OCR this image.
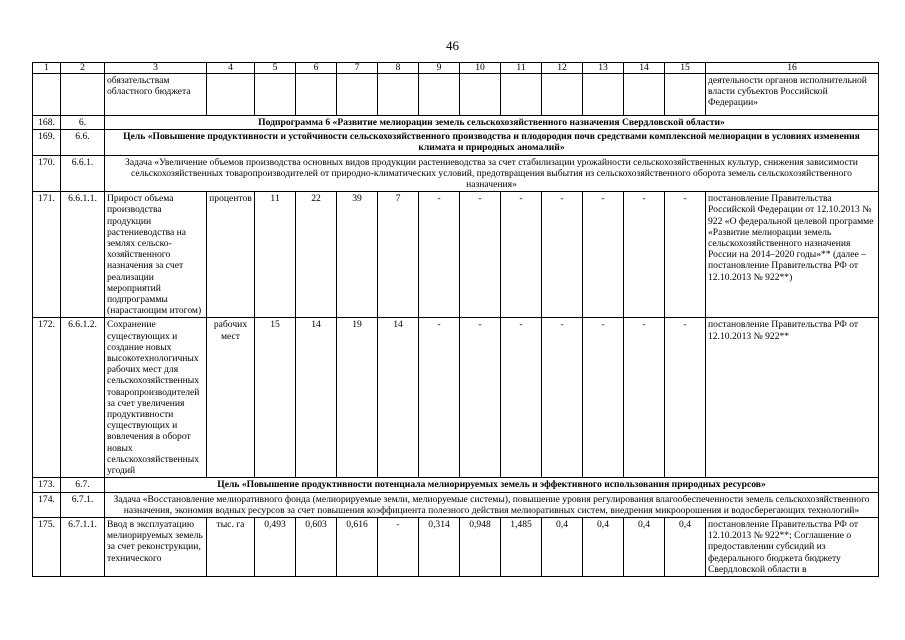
46
1	2	3	4	5	6	7	8	9	10	11	12	13	14	15	16
		обязательствам областного бюджета													деятельности органов исполнительной власти субъектов Российской Федерации»
168.	6.	Подпрограмма 6 «Развитие мелиорации земель сельскохозяйственного назначения Свердловской области»													
169.	6.6.	Цель «Повышение продуктивности и устойчивости сельскохозяйственного производства и плодородия почв средствами комплексной мелиорации в условиях изменения климата и природных аномалий»													
170.	6.6.1.	Задача «Увеличение объемов производства основных видов продукции растениеводства за счет стабилизации урожайности сельскохозяйственных культур, снижения зависимости сельскохозяйственных товаропроизводителей от природно-климатических условий, предотвращения выбытия из сельскохозяйственного оборота земель сельскохозяйственного назначения»													
171.	6.6.1.1.	Прирост объема производства продукции растениеводства на землях сельско-хозяйственного назначения за счет реализации мероприятий подпрограммы (нарастающим итогом)	процентов	11	22	39	7	-	-	-	-	-	-	-	постановление Правительства Российской Федерации от 12.10.2013 № 922 «О федеральной целевой программе «Развитие мелиорации земель сельскохозяйственного назначения России на 2014–2020 годы»** (далее – постановление Правительства РФ от 12.10.2013 № 922**)
172.	6.6.1.2.	Сохранение существующих и создание новых высокотехнологичных рабочих мест для сельскохозяйственных товаропроизводителей за счет увеличения продуктивности существующих и вовлечения в оборот новых сельскохозяйственных угодий	рабочих мест	15	14	19	14	-	-	-	-	-	-	-	постановление Правительства РФ от 12.10.2013 № 922**
173.	6.7.	Цель «Повышение продуктивности потенциала мелиорируемых земель и эффективного использования природных ресурсов»													
174.	6.7.1.	Задача «Восстановление мелиоративного фонда (мелиорируемые земли, мелиоруемые системы), повышение уровня регулирования влагообеспеченности земель сельскохозяйственного назначения, экономия водных ресурсов за счет повышения коэффициента полезного действия мелиоративных систем, внедрения микроорошения и водосберегающих технологий»													
175.	6.7.1.1.	Ввод в эксплуатацию мелиорируемых земель за счет реконструкции, технического	тыс. га	0,493	0,603	0,616	-	0,314	0,948	1,485	0,4	0,4	0,4	0,4	постановление Правительства РФ от 12.10.2013 № 922**; Соглашение о предоставлении субсидий из федерального бюджета бюджету Свердловской области в
